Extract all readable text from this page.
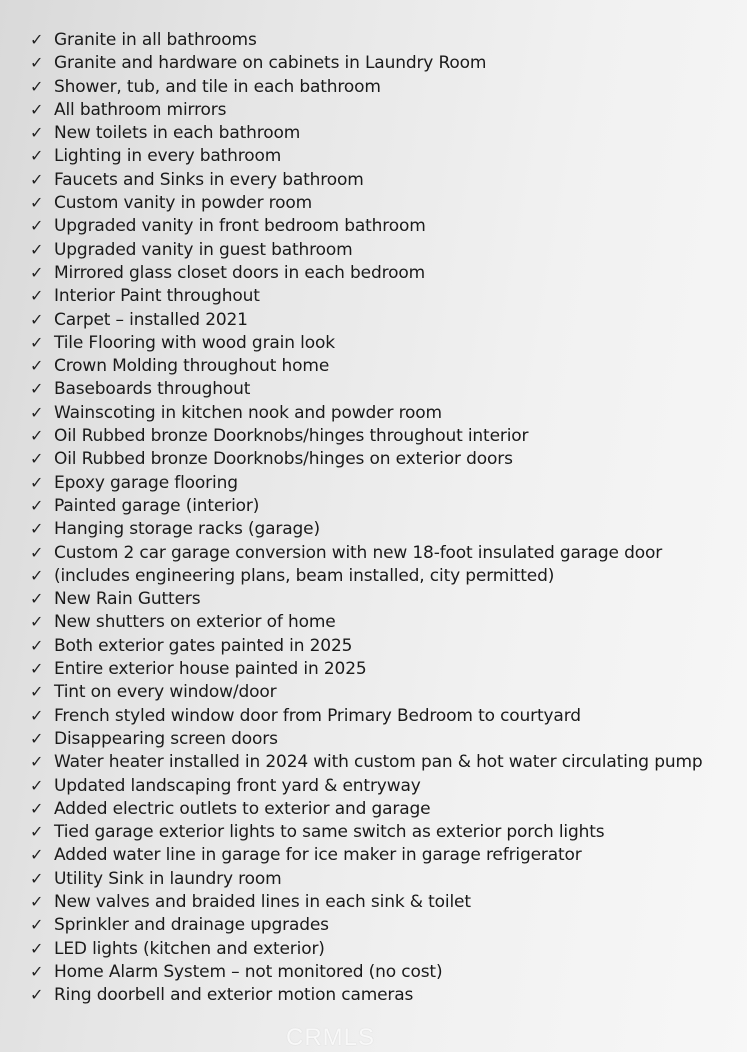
✓ Granite in all bathrooms
✓ Granite and hardware on cabinets in Laundry Room
✓ Shower, tub, and tile in each bathroom
✓ All bathroom mirrors
✓ New toilets in each bathroom
✓ Lighting in every bathroom
✓ Faucets and Sinks in every bathroom
✓ Custom vanity in powder room
✓ Upgraded vanity in front bedroom bathroom
✓ Upgraded vanity in guest bathroom
✓ Mirrored glass closet doors in each bedroom
✓ Interior Paint throughout
✓ Carpet – installed 2021
✓ Tile Flooring with wood grain look
✓ Crown Molding throughout home
✓ Baseboards throughout
✓ Wainscoting in kitchen nook and powder room
✓ Oil Rubbed bronze Doorknobs/hinges throughout interior
✓ Oil Rubbed bronze Doorknobs/hinges on exterior doors
✓ Epoxy garage flooring
✓ Painted garage (interior)
✓ Hanging storage racks (garage)
✓ Custom 2 car garage conversion with new 18-foot insulated garage door
✓ (includes engineering plans, beam installed, city permitted)
✓ New Rain Gutters
✓ New shutters on exterior of home
✓ Both exterior gates painted in 2025
✓ Entire exterior house painted in 2025
✓ Tint on every window/door
✓ French styled window door from Primary Bedroom to courtyard
✓ Disappearing screen doors
✓ Water heater installed in 2024 with custom pan & hot water circulating pump
✓ Updated landscaping front yard & entryway
✓ Added electric outlets to exterior and garage
✓ Tied garage exterior lights to same switch as exterior porch lights
✓ Added water line in garage for ice maker in garage refrigerator
✓ Utility Sink in laundry room
✓ New valves and braided lines in each sink & toilet
✓ Sprinkler and drainage upgrades
✓ LED lights (kitchen and exterior)
✓ Home Alarm System – not monitored (no cost)
✓ Ring doorbell and exterior motion cameras
CRMLS
